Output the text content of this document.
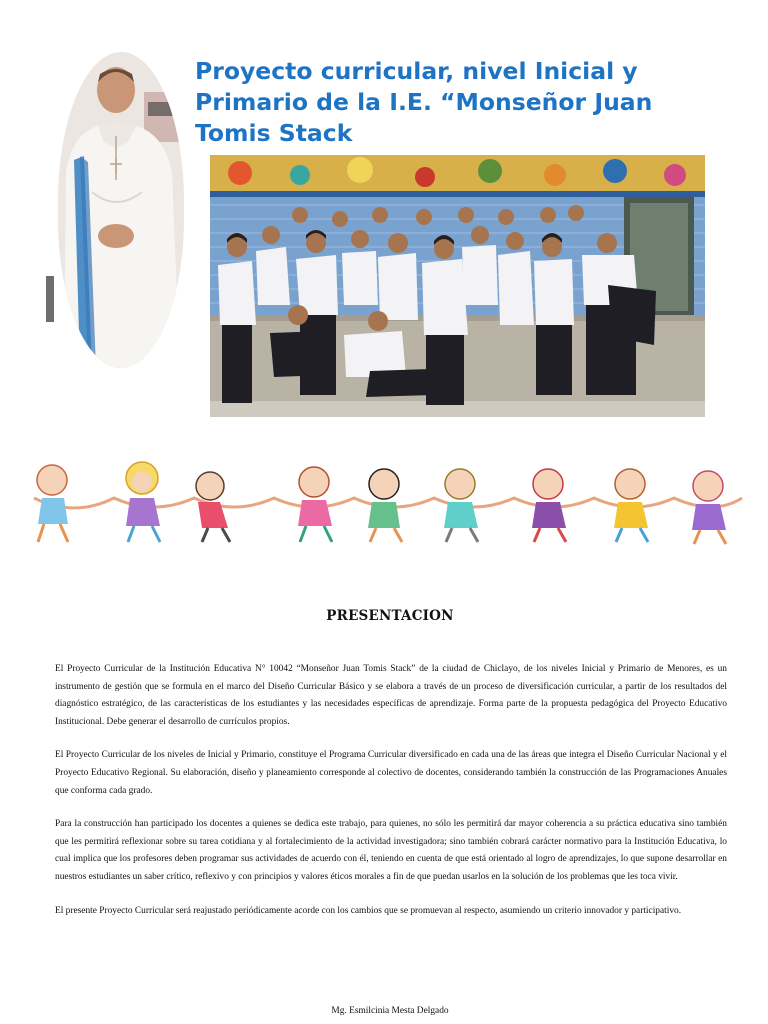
Proyecto curricular, nivel Inicial y Primario de la I.E. “Monseñor Juan Tomis Stack
PRESENTACION

El Proyecto Curricular de la Institución Educativa N° 10042 “Monseñor Juan Tomis Stack” de la ciudad de Chiclayo, de los niveles Inicial y Primario de Menores, es un instrumento de gestión que se formula en el marco del Diseño Curricular Básico y se elabora a través de un proceso de diversificación curricular, a partir de los resultados del diagnóstico estratégico, de las características de los estudiantes y las necesidades específicas de aprendizaje. Forma parte de la propuesta pedagógica del Proyecto Educativo Institucional. Debe generar el desarrollo de currículos propios.

El Proyecto Curricular de los niveles de Inicial y Primario, constituye el Programa Curricular diversificado en cada una de las áreas que integra el Diseño Curricular Nacional y el Proyecto Educativo Regional. Su elaboración, diseño y planeamiento corresponde al colectivo de docentes, considerando también la construcción de las Programaciones Anuales que conforma cada grado.

Para la construcción han participado los docentes a quienes se dedica este trabajo, para quienes, no sólo les permitirá dar mayor coherencia a su práctica educativa sino también que les permitirá reflexionar sobre su tarea cotidiana y al fortalecimiento de la actividad investigadora; sino también cobrará carácter normativo para la Institución Educativa, lo cual implica que los profesores deben programar sus actividades de acuerdo con él, teniendo en cuenta de que está orientado al logro de aprendizajes, lo que supone desarrollar en nuestros estudiantes un saber crítico, reflexivo y con principios y valores éticos morales a fin de que puedan usarlos en la solución de los problemas que les toca vivir.

El presente Proyecto Curricular será reajustado periódicamente acorde con los cambios que se promuevan al respecto, asumiendo un criterio innovador y participativo.

Mg. Esmilcinia Mesta Delgado
